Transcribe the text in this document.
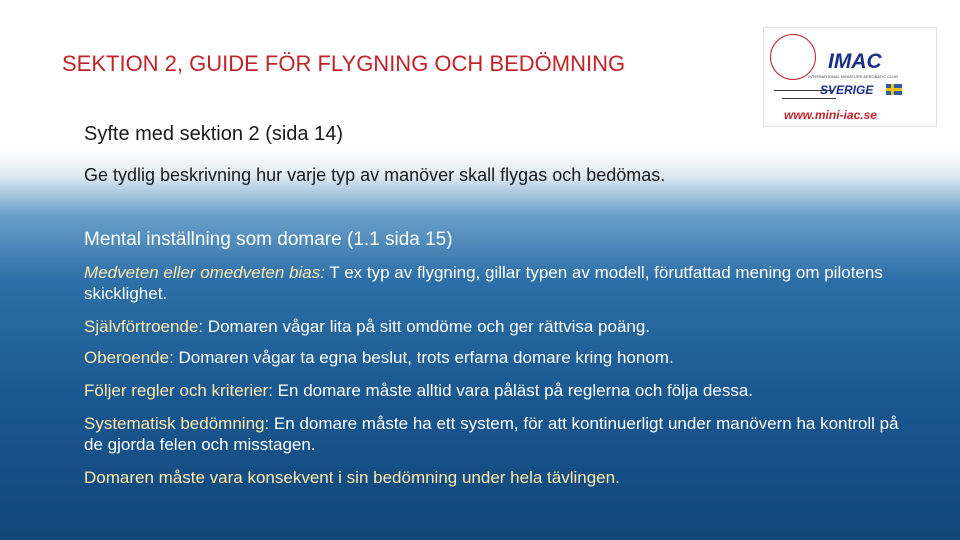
SEKTION 2, GUIDE FÖR FLYGNING OCH BEDÖMNING	IMAC
INTERNATIONAL MINIATURE AEROBATIC CLUB
SVERIGE
www.mini-iac.se
Syfte med sektion 2 (sida 14)
Ge tydlig beskrivning hur varje typ av manöver skall flygas och bedömas.
Mental inställning som domare (1.1 sida 15)
Medveten eller omedveten bias: T ex typ av flygning, gillar typen av modell, förutfattad mening om pilotens skicklighet.
Självförtroende: Domaren vågar lita på sitt omdöme och ger rättvisa poäng.
Oberoende: Domaren vågar ta egna beslut, trots erfarna domare kring honom.
Följer regler och kriterier: En domare måste alltid vara påläst på reglerna och följa dessa.
Systematisk bedömning: En domare måste ha ett system, för att kontinuerligt under manövern ha kontroll på de gjorda felen och misstagen.
Domaren måste vara konsekvent i sin bedömning under hela tävlingen.
